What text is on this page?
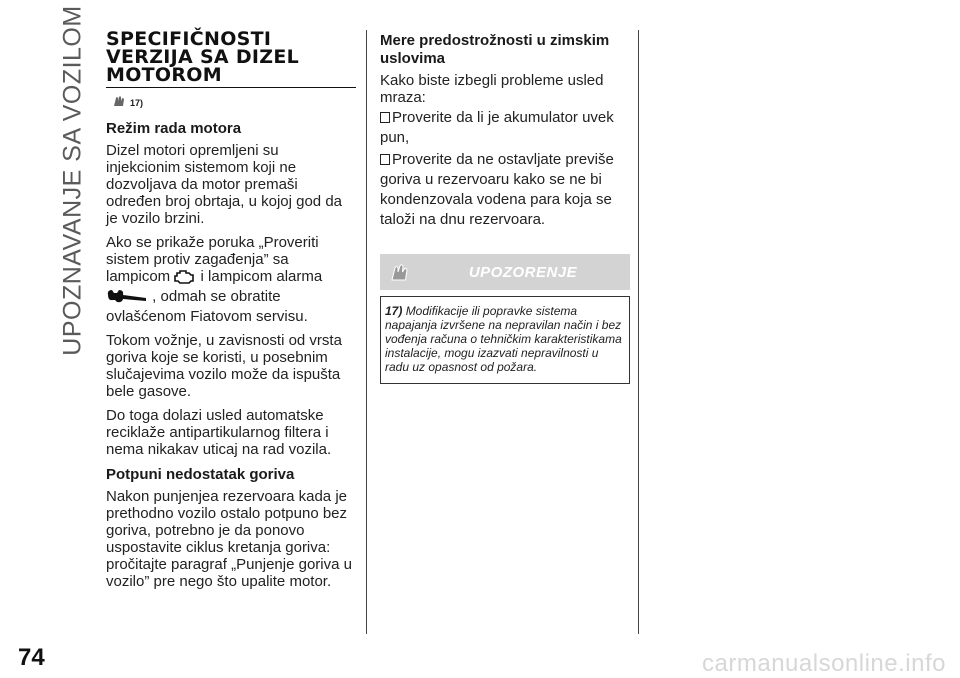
UPOZNAVANJE SA VOZILOM SPECIFIČNOSTI
VERZIJA SA DIZEL
MOTOROM
17)
Režim rada motora

Dizel motori opremljeni su injekcionim sistemom koji ne dozvoljava da motor premaši određen broj obrtaja, u kojoj god da je vozilo brzini.

Ako se prikaže poruka „Proveriti sistem protiv zagađenja” sa lampicom i lampicom alarma  , odmah se obratite ovlašćenom Fiatovom servisu.

Tokom vožnje, u zavisnosti od vrsta goriva koje se koristi, u posebnim slučajevima vozilo može da ispušta bele gasove.

Do toga dolazi usled automatske reciklaže antipartikularnog filtera i nema nikakav uticaj na rad vozila.

Potpuni nedostatak goriva

Nakon punjenjea rezervoara kada je prethodno vozilo ostalo potpuno bez goriva, potrebno je da ponovo uspostavite ciklus kretanja goriva: pročitajte paragraf „Punjenje goriva u vozilo” pre nego što upalite motor.

Mere predostrožnosti u zimskim uslovima

Kako biste izbegli probleme usled mraza:

Proverite da li je akumulator uvek pun,
Proverite da ne ostavljate previše goriva u rezervoaru kako se ne bi kondenzovala vodena para koja se taloži na dnu rezervoara.
UPOZORENJE
17) Modifikacije ili popravke sistema napajanja izvršene na nepravilan način i bez vođenja računa o tehničkim karakteristikama instalacije, mogu izazvati nepravilnosti u radu uz opasnost od požara.
74	carmanualsonline.info
